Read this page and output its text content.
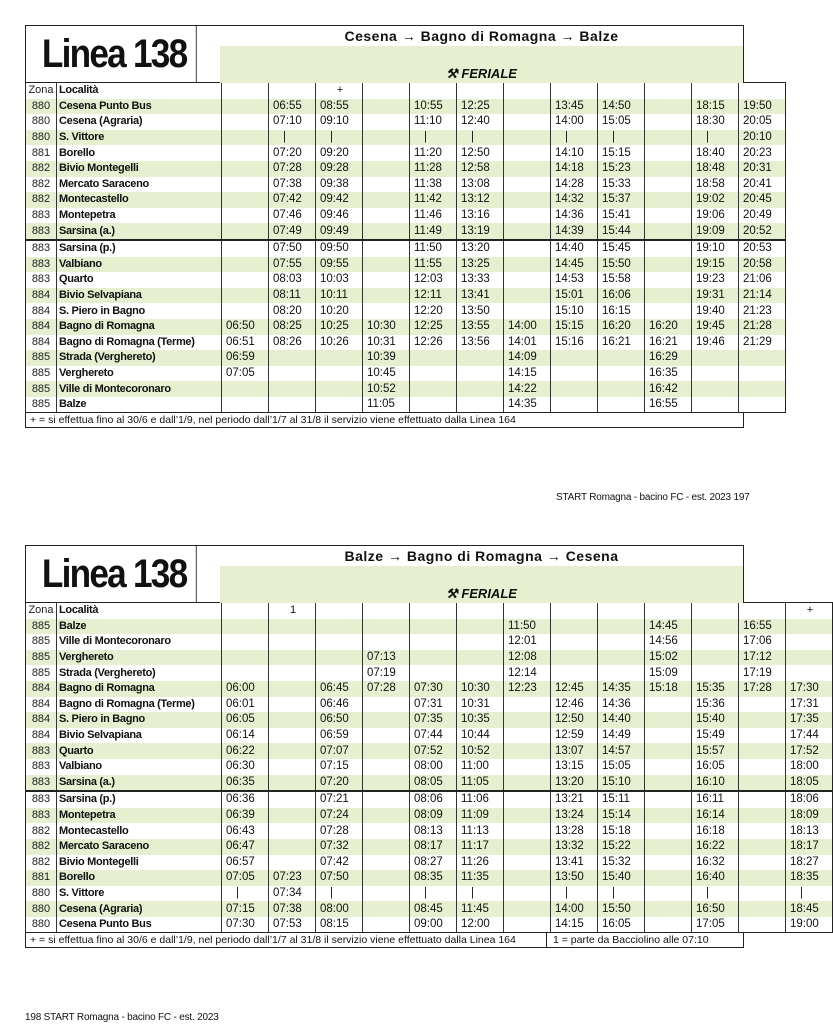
Linea 138	Cesena → Bagno di Romagna → Balze
⚒ FERIALE
Zona	Località			+									
880	Cesena Punto Bus		06:55	08:55		10:55	12:25		13:45	14:50		18:15	19:50
880	Cesena (Agraria)		07:10	09:10		11:10	12:40		14:00	15:05		18:30	20:05
880	S. Vittore		|	|		|	|		|	|		|	20:10
881	Borello		07:20	09:20		11:20	12:50		14:10	15:15		18:40	20:23
882	Bivio Montegelli		07:28	09:28		11:28	12:58		14:18	15:23		18:48	20:31
882	Mercato Saraceno		07:38	09:38		11:38	13:08		14:28	15:33		18:58	20:41
882	Montecastello		07:42	09:42		11:42	13:12		14:32	15:37		19:02	20:45
883	Montepetra		07:46	09:46		11:46	13:16		14:36	15:41		19:06	20:49
883	Sarsina (a.)		07:49	09:49		11:49	13:19		14:39	15:44		19:09	20:52
883	Sarsina (p.)		07:50	09:50		11:50	13:20		14:40	15:45		19:10	20:53
883	Valbiano		07:55	09:55		11:55	13:25		14:45	15:50		19:15	20:58
883	Quarto		08:03	10:03		12:03	13:33		14:53	15:58		19:23	21:06
884	Bivio Selvapiana		08:11	10:11		12:11	13:41		15:01	16:06		19:31	21:14
884	S. Piero in Bagno		08:20	10:20		12:20	13:50		15:10	16:15		19:40	21:23
884	Bagno di Romagna	06:50	08:25	10:25	10:30	12:25	13:55	14:00	15:15	16:20	16:20	19:45	21:28
884	Bagno di Romagna (Terme)	06:51	08:26	10:26	10:31	12:26	13:56	14:01	15:16	16:21	16:21	19:46	21:29
885	Strada (Vergheretо)	06:59			10:39			14:09			16:29		
885	Verghereto	07:05			10:45			14:15			16:35		
885	Ville di Montecoronaro				10:52			14:22			16:42		
885	Balze				11:05			14:35			16:55		
+ = si effettua fino al 30/6 e dall’1/9, nel periodo dall’1/7 al 31/8 il servizio viene effettuato dalla Linea 164
START Romagna - bacino FC - est. 2023 197
Linea 138	Balze → Bagno di Romagna → Cesena
⚒ FERIALE
Zona	Località		1											+
885	Balze							11:50			14:45		16:55	
885	Ville di Montecoronaro							12:01			14:56		17:06	
885	Verghereto				07:13			12:08			15:02		17:12	
885	Strada (Verghereto)				07:19			12:14			15:09		17:19	
884	Bagno di Romagna	06:00		06:45	07:28	07:30	10:30	12:23	12:45	14:35	15:18	15:35	17:28	17:30
884	Bagno di Romagna (Terme)	06:01		06:46		07:31	10:31		12:46	14:36		15:36		17:31
884	S. Piero in Bagno	06:05		06:50		07:35	10:35		12:50	14:40		15:40		17:35
884	Bivio Selvapiana	06:14		06:59		07:44	10:44		12:59	14:49		15:49		17:44
883	Quarto	06:22		07:07		07:52	10:52		13:07	14:57		15:57		17:52
883	Valbiano	06:30		07:15		08:00	11:00		13:15	15:05		16:05		18:00
883	Sarsina (a.)	06:35		07:20		08:05	11:05		13:20	15:10		16:10		18:05
883	Sarsina (p.)	06:36		07:21		08:06	11:06		13:21	15:11		16:11		18:06
883	Montepetra	06:39		07:24		08:09	11:09		13:24	15:14		16:14		18:09
882	Montecastello	06:43		07:28		08:13	11:13		13:28	15:18		16:18		18:13
882	Mercato Saraceno	06:47		07:32		08:17	11:17		13:32	15:22		16:22		18:17
882	Bivio Montegelli	06:57		07:42		08:27	11:26		13:41	15:32		16:32		18:27
881	Borello	07:05	07:23	07:50		08:35	11:35		13:50	15:40		16:40		18:35
880	S. Vittore	|	07:34	|		|	|		|	|		|		|
880	Cesena (Agraria)	07:15	07:38	08:00		08:45	11:45		14:00	15:50		16:50		18:45
880	Cesena Punto Bus	07:30	07:53	08:15		09:00	12:00		14:15	16:05		17:05		19:00
+ = si effettua fino al 30/6 e dall’1/9, nel periodo dall’1/7 al 31/8 il servizio viene effettuato dalla Linea 164	1 = parte da Bacciolino alle 07:10
198 START Romagna - bacino FC - est. 2023
